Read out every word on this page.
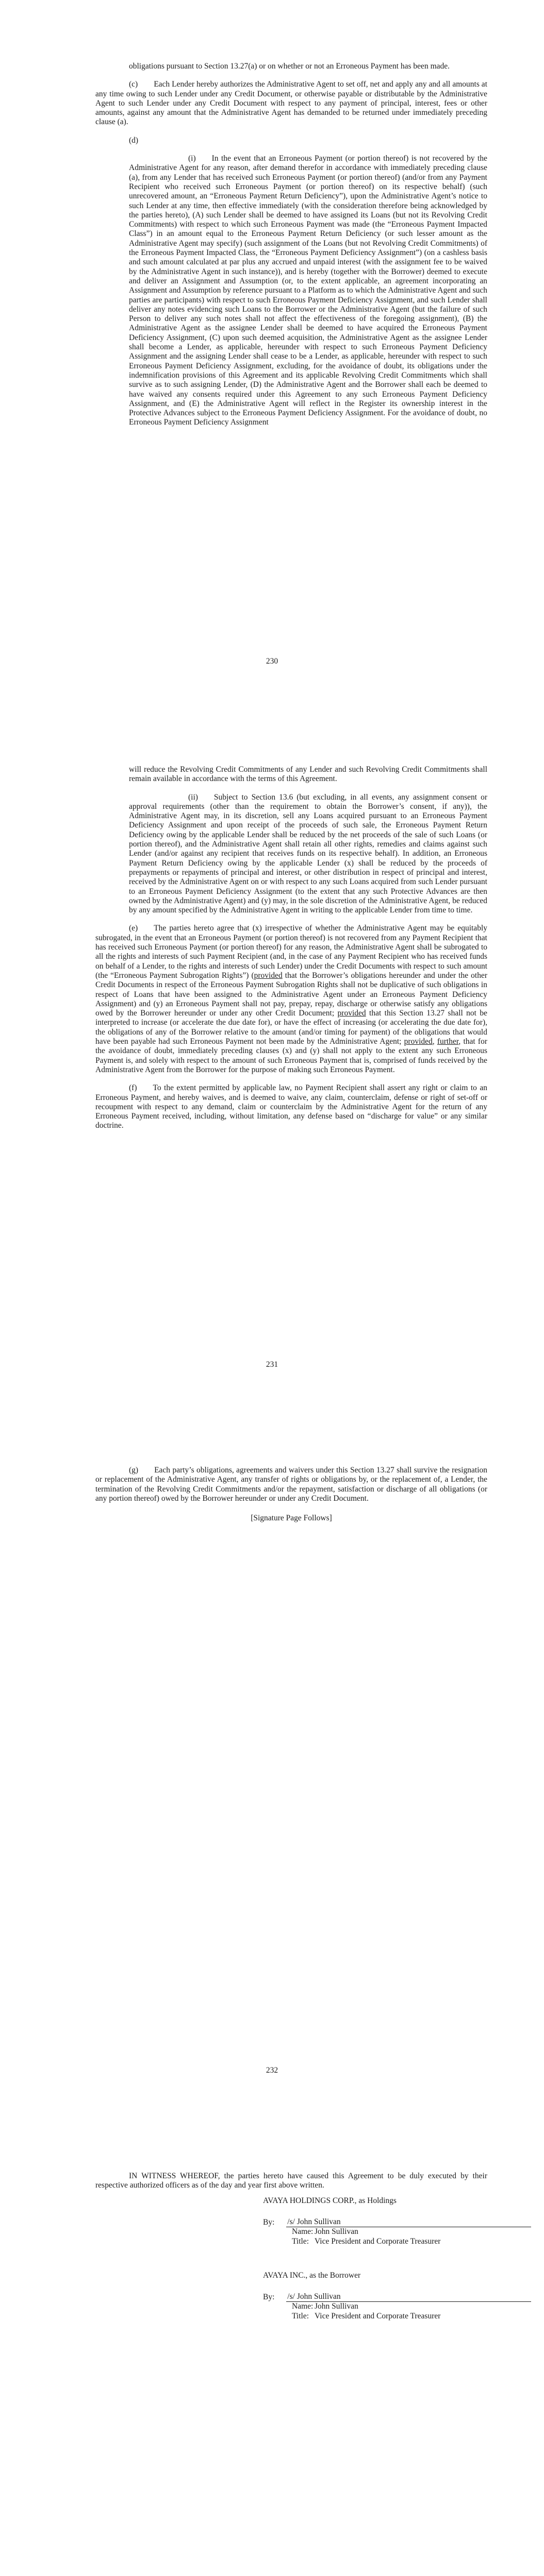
obligations pursuant to Section 13.27(a) or on whether or not an Erroneous Payment has been made.

(c)  Each Lender hereby authorizes the Administrative Agent to set off, net and apply any and all amounts at any time owing to such Lender under any Credit Document, or otherwise payable or distributable by the Administrative Agent to such Lender under any Credit Document with respect to any payment of principal, interest, fees or other amounts, against any amount that the Administrative Agent has demanded to be returned under immediately preceding clause (a).

(d)

(i)  In the event that an Erroneous Payment (or portion thereof) is not recovered by the Administrative Agent for any reason, after demand therefor in accordance with immediately preceding clause (a), from any Lender that has received such Erroneous Payment (or portion thereof) (and/or from any Payment Recipient who received such Erroneous Payment (or portion thereof) on its respective behalf) (such unrecovered amount, an “Erroneous Payment Return Deficiency”), upon the Administrative Agent’s notice to such Lender at any time, then effective immediately (with the consideration therefore being acknowledged by the parties hereto), (A) such Lender shall be deemed to have assigned its Loans (but not its Revolving Credit Commitments) with respect to which such Erroneous Payment was made (the “Erroneous Payment Impacted Class”) in an amount equal to the Erroneous Payment Return Deficiency (or such lesser amount as the Administrative Agent may specify) (such assignment of the Loans (but not Revolving Credit Commitments) of the Erroneous Payment Impacted Class, the “Erroneous Payment Deficiency Assignment”) (on a cashless basis and such amount calculated at par plus any accrued and unpaid interest (with the assignment fee to be waived by the Administrative Agent in such instance)), and is hereby (together with the Borrower) deemed to execute and deliver an Assignment and Assumption (or, to the extent applicable, an agreement incorporating an Assignment and Assumption by reference pursuant to a Platform as to which the Administrative Agent and such parties are participants) with respect to such Erroneous Payment Deficiency Assignment, and such Lender shall deliver any notes evidencing such Loans to the Borrower or the Administrative Agent (but the failure of such Person to deliver any such notes shall not affect the effectiveness of the foregoing assignment), (B) the Administrative Agent as the assignee Lender shall be deemed to have acquired the Erroneous Payment Deficiency Assignment, (C) upon such deemed acquisition, the Administrative Agent as the assignee Lender shall become a Lender, as applicable, hereunder with respect to such Erroneous Payment Deficiency Assignment and the assigning Lender shall cease to be a Lender, as applicable, hereunder with respect to such Erroneous Payment Deficiency Assignment, excluding, for the avoidance of doubt, its obligations under the indemnification provisions of this Agreement and its applicable Revolving Credit Commitments which shall survive as to such assigning Lender, (D) the Administrative Agent and the Borrower shall each be deemed to have waived any consents required under this Agreement to any such Erroneous Payment Deficiency Assignment, and (E) the Administrative Agent will reflect in the Register its ownership interest in the Protective Advances subject to the Erroneous Payment Deficiency Assignment. For the avoidance of doubt, no Erroneous Payment Deficiency Assignment

230

will reduce the Revolving Credit Commitments of any Lender and such Revolving Credit Commitments shall remain available in accordance with the terms of this Agreement.

(ii)  Subject to Section 13.6 (but excluding, in all events, any assignment consent or approval requirements (other than the requirement to obtain the Borrower’s consent, if any)), the Administrative Agent may, in its discretion, sell any Loans acquired pursuant to an Erroneous Payment Deficiency Assignment and upon receipt of the proceeds of such sale, the Erroneous Payment Return Deficiency owing by the applicable Lender shall be reduced by the net proceeds of the sale of such Loans (or portion thereof), and the Administrative Agent shall retain all other rights, remedies and claims against such Lender (and/or against any recipient that receives funds on its respective behalf). In addition, an Erroneous Payment Return Deficiency owing by the applicable Lender (x) shall be reduced by the proceeds of prepayments or repayments of principal and interest, or other distribution in respect of principal and interest, received by the Administrative Agent on or with respect to any such Loans acquired from such Lender pursuant to an Erroneous Payment Deficiency Assignment (to the extent that any such Protective Advances are then owned by the Administrative Agent) and (y) may, in the sole discretion of the Administrative Agent, be reduced by any amount specified by the Administrative Agent in writing to the applicable Lender from time to time.

(e)  The parties hereto agree that (x) irrespective of whether the Administrative Agent may be equitably subrogated, in the event that an Erroneous Payment (or portion thereof) is not recovered from any Payment Recipient that has received such Erroneous Payment (or portion thereof) for any reason, the Administrative Agent shall be subrogated to all the rights and interests of such Payment Recipient (and, in the case of any Payment Recipient who has received funds on behalf of a Lender, to the rights and interests of such Lender) under the Credit Documents with respect to such amount (the “Erroneous Payment Subrogation Rights”) (provided that the Borrower’s obligations hereunder and under the other Credit Documents in respect of the Erroneous Payment Subrogation Rights shall not be duplicative of such obligations in respect of Loans that have been assigned to the Administrative Agent under an Erroneous Payment Deficiency Assignment) and (y) an Erroneous Payment shall not pay, prepay, repay, discharge or otherwise satisfy any obligations owed by the Borrower hereunder or under any other Credit Document; provided that this Section 13.27 shall not be interpreted to increase (or accelerate the due date for), or have the effect of increasing (or accelerating the due date for), the obligations of any of the Borrower relative to the amount (and/or timing for payment) of the obligations that would have been payable had such Erroneous Payment not been made by the Administrative Agent; provided, further, that for the avoidance of doubt, immediately preceding clauses (x) and (y) shall not apply to the extent any such Erroneous Payment is, and solely with respect to the amount of such Erroneous Payment that is, comprised of funds received by the Administrative Agent from the Borrower for the purpose of making such Erroneous Payment.

(f)  To the extent permitted by applicable law, no Payment Recipient shall assert any right or claim to an Erroneous Payment, and hereby waives, and is deemed to waive, any claim, counterclaim, defense or right of set-off or recoupment with respect to any demand, claim or counterclaim by the Administrative Agent for the return of any Erroneous Payment received, including, without limitation, any defense based on “discharge for value” or any similar doctrine.

231

(g)  Each party’s obligations, agreements and waivers under this Section 13.27 shall survive the resignation or replacement of the Administrative Agent, any transfer of rights or obligations by, or the replacement of, a Lender, the termination of the Revolving Credit Commitments and/or the repayment, satisfaction or discharge of all obligations (or any portion thereof) owed by the Borrower hereunder or under any Credit Document.

[Signature Page Follows]

232

IN WITNESS WHEREOF, the parties hereto have caused this Agreement to be duly executed by their respective authorized officers as of the day and year first above written.

AVAYA HOLDINGS CORP., as Holdings
By:	/s/ John Sullivan
Name: John Sullivan
Title: Vice President and Corporate Treasurer
AVAYA INC., as the Borrower
By:	/s/ John Sullivan
Name: John Sullivan
Title: Vice President and Corporate Treasurer
